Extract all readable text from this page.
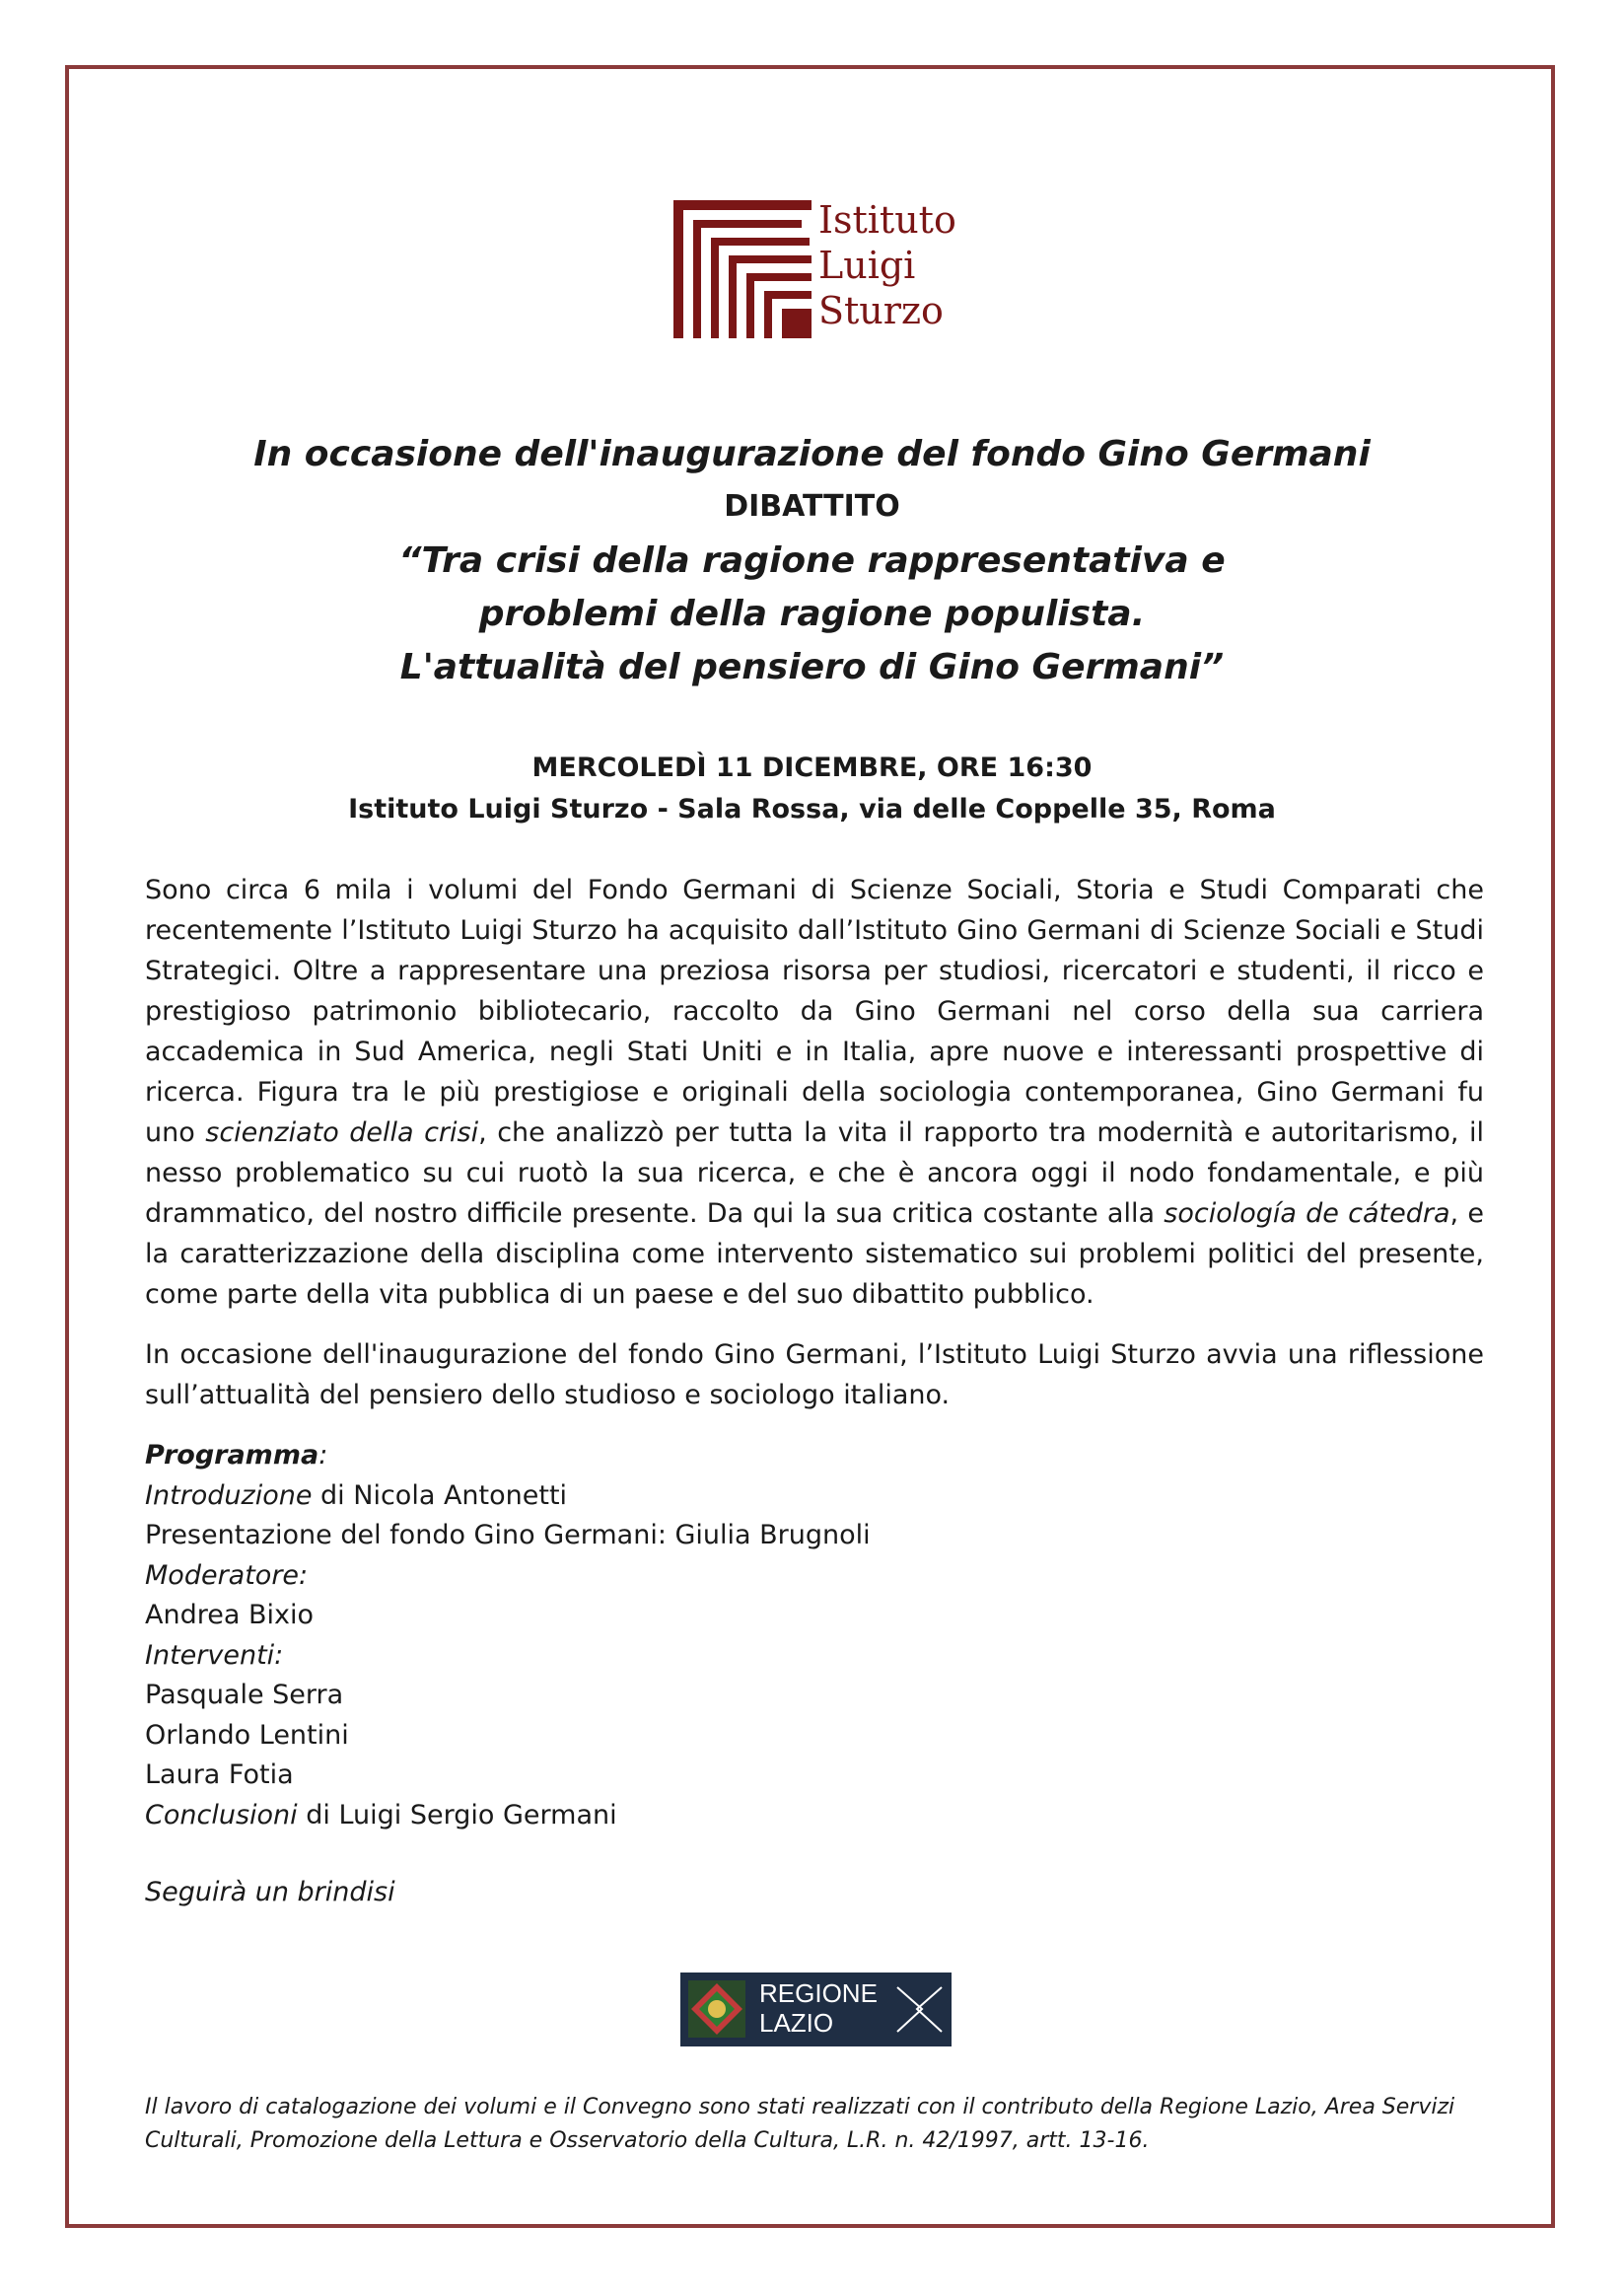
Istituto
Luigi
Sturzo
In occasione dell'inaugurazione del fondo Gino Germani
DIBATTITO
“Tra crisi della ragione rappresentativa e
problemi della ragione populista.
L'attualità del pensiero di Gino Germani”
MERCOLEDÌ 11 DICEMBRE, ORE 16:30
Istituto Luigi Sturzo - Sala Rossa, via delle Coppelle 35, Roma

Sono circa 6 mila i volumi del Fondo Germani di Scienze Sociali, Storia e Studi Comparati che recentemente l’Istituto Luigi Sturzo ha acquisito dall’Istituto Gino Germani di Scienze Sociali e Studi Strategici. Oltre a rappresentare una preziosa risorsa per studiosi, ricercatori e studenti, il ricco e prestigioso patrimonio bibliotecario, raccolto da Gino Germani nel corso della sua carriera accademica in Sud America, negli Stati Uniti e in Italia, apre nuove e interessanti prospettive di ricerca. Figura tra le più prestigiose e originali della sociologia contemporanea, Gino Germani fu uno scienziato della crisi, che analizzò per tutta la vita il rapporto tra modernità e autoritarismo, il nesso problematico su cui ruotò la sua ricerca, e che è ancora oggi il nodo fondamentale, e più drammatico, del nostro difficile presente. Da qui la sua critica costante alla sociología de cátedra, e la caratterizzazione della disciplina come intervento sistematico sui problemi politici del presente, come parte della vita pubblica di un paese e del suo dibattito pubblico.

In occasione dell'inaugurazione del fondo Gino Germani, l’Istituto Luigi Sturzo avvia una riflessione sull’attualità del pensiero dello studioso e sociologo italiano.

Programma:
Introduzione di Nicola Antonetti
Presentazione del fondo Gino Germani: Giulia Brugnoli
Moderatore:
Andrea Bixio
Interventi:
Pasquale Serra
Orlando Lentini
Laura Fotia
Conclusioni di Luigi Sergio Germani
Seguirà un brindisi
REGIONE
LAZIO
Il lavoro di catalogazione dei volumi e il Convegno sono stati realizzati con il contributo della Regione Lazio, Area Servizi Culturali, Promozione della Lettura e Osservatorio della Cultura, L.R. n. 42/1997, artt. 13-16.
